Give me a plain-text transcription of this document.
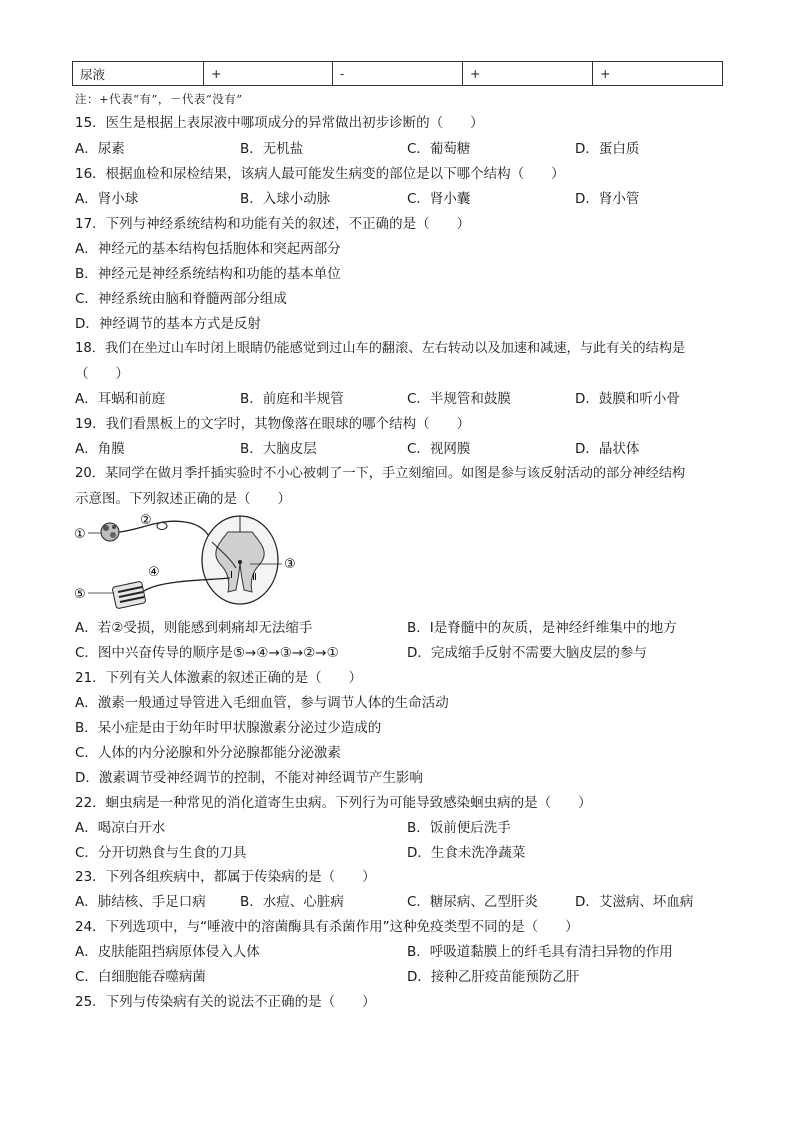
尿液	+	-	+	+
注：+代表“有”，－代表“没有”
15．医生是根据上表尿液中哪项成分的异常做出初步诊断的（　　）
A．尿素	B．无机盐	C．葡萄糖	D．蛋白质
16．根据血检和尿检结果，该病人最可能发生病变的部位是以下哪个结构（　　）
A．肾小球	B．入球小动脉	C．肾小囊	D．肾小管
17．下列与神经系统结构和功能有关的叙述，不正确的是（　　）
A．神经元的基本结构包括胞体和突起两部分
B．神经元是神经系统结构和功能的基本单位
C．神经系统由脑和脊髓两部分组成
D．神经调节的基本方式是反射
18．我们在坐过山车时闭上眼睛仍能感觉到过山车的翻滚、左右转动以及加速和减速，与此有关的结构是
（　　）
A．耳蜗和前庭	B．前庭和半规管	C．半规管和鼓膜	D．鼓膜和听小骨
19．我们看黑板上的文字时，其物像落在眼球的哪个结构（　　）
A．角膜	B．大脑皮层	C．视网膜	D．晶状体
20．某同学在做月季扦插实验时不小心被刺了一下，手立刻缩回。如图是参与该反射活动的部分神经结构
示意图。下列叙述正确的是（　　）
①
②
③
④
⑤
Ⅰ Ⅱ
A．若②受损，则能感到刺痛却无法缩手	B．Ⅰ是脊髓中的灰质，是神经纤维集中的地方
C．图中兴奋传导的顺序是⑤→④→③→②→①	D．完成缩手反射不需要大脑皮层的参与
21．下列有关人体激素的叙述正确的是（　　）
A．激素一般通过导管进入毛细血管，参与调节人体的生命活动
B．呆小症是由于幼年时甲状腺激素分泌过少造成的
C．人体的内分泌腺和外分泌腺都能分泌激素
D．激素调节受神经调节的控制，不能对神经调节产生影响
22．蛔虫病是一种常见的消化道寄生虫病。下列行为可能导致感染蛔虫病的是（　　）
A．喝凉白开水	B．饭前便后洗手
C．分开切熟食与生食的刀具	D．生食未洗净蔬菜
23．下列各组疾病中，都属于传染病的是（　　）
A．肺结核、手足口病	B．水痘、心脏病	C．糖尿病、乙型肝炎	D．艾滋病、坏血病
24．下列选项中，与“唾液中的溶菌酶具有杀菌作用”这种免疫类型不同的是（　　）
A．皮肤能阻挡病原体侵入人体	B．呼吸道黏膜上的纤毛具有清扫异物的作用
C．白细胞能吞噬病菌	D．接种乙肝疫苗能预防乙肝
25．下列与传染病有关的说法不正确的是（　　）
